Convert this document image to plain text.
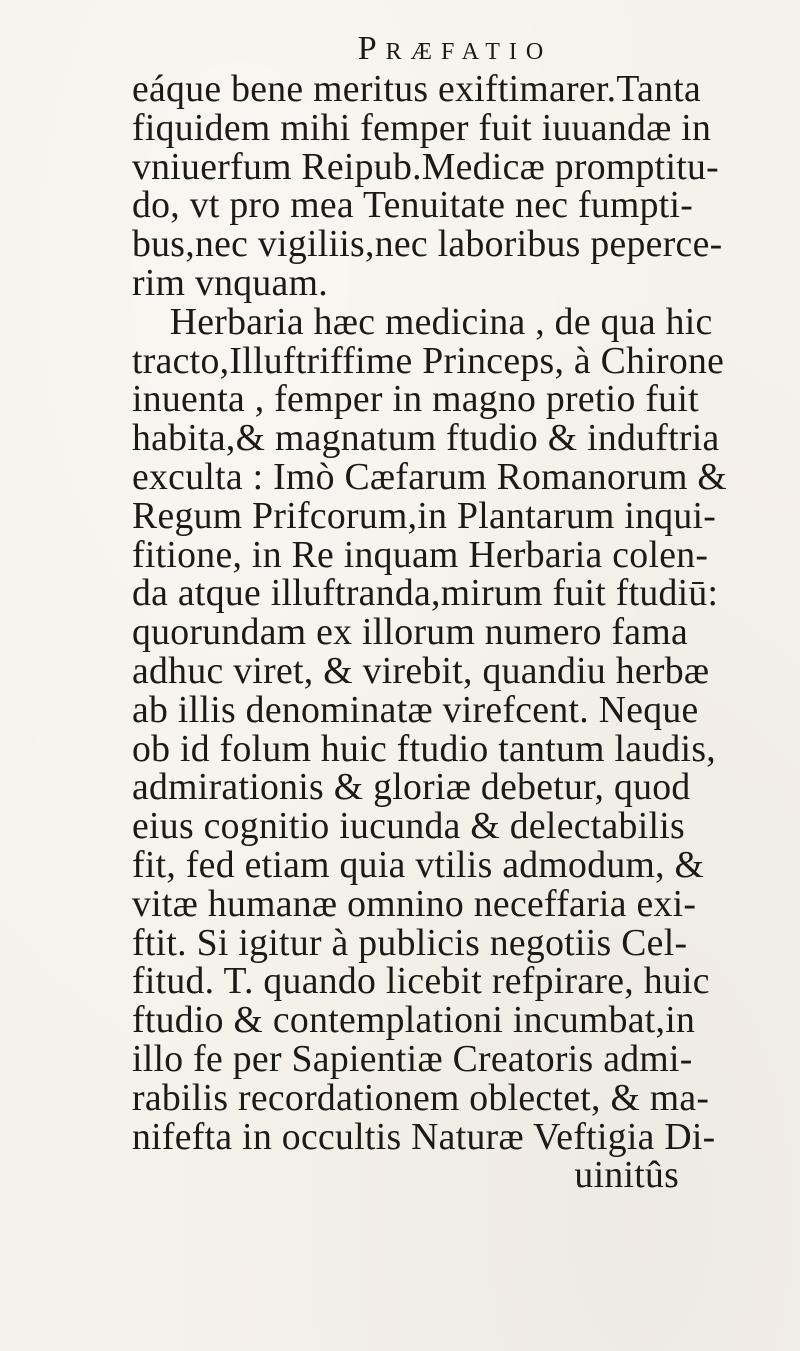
Præfatio
eáque bene meritus exiftimarer.Tanta
fiquidem mihi femper fuit iuuandæ in
vniuerfum Reipub.Medicæ promptitu-
do, vt pro mea Tenuitate nec fumpti-
bus,nec vigiliis,nec laboribus peperce-
rim vnquam.
Herbaria hæc medicina , de qua hic
tracto,Illuftriffime Princeps, à Chirone
inuenta , femper in magno pretio fuit
habita,& magnatum ftudio & induftria
exculta : Imò Cæfarum Romanorum &
Regum Prifcorum,in Plantarum inqui-
fitione, in Re inquam Herbaria colen-
da atque illuftranda,mirum fuit ftudiū:
quorundam ex illorum numero fama
adhuc viret, & virebit, quandiu herbæ
ab illis denominatæ virefcent. Neque
ob id folum huic ftudio tantum laudis,
admirationis & gloriæ debetur, quod
eius cognitio iucunda & delectabilis
fit, fed etiam quia vtilis admodum, &
vitæ humanæ omnino neceffaria exi-
ftit. Si igitur à publicis negotiis Cel-
fitud. T. quando licebit refpirare, huic
ftudio & contemplationi incumbat,in
illo fe per Sapientiæ Creatoris admi-
rabilis recordationem oblectet, & ma-
nifefta in occultis Naturæ Veftigia Di-
uinitûs
